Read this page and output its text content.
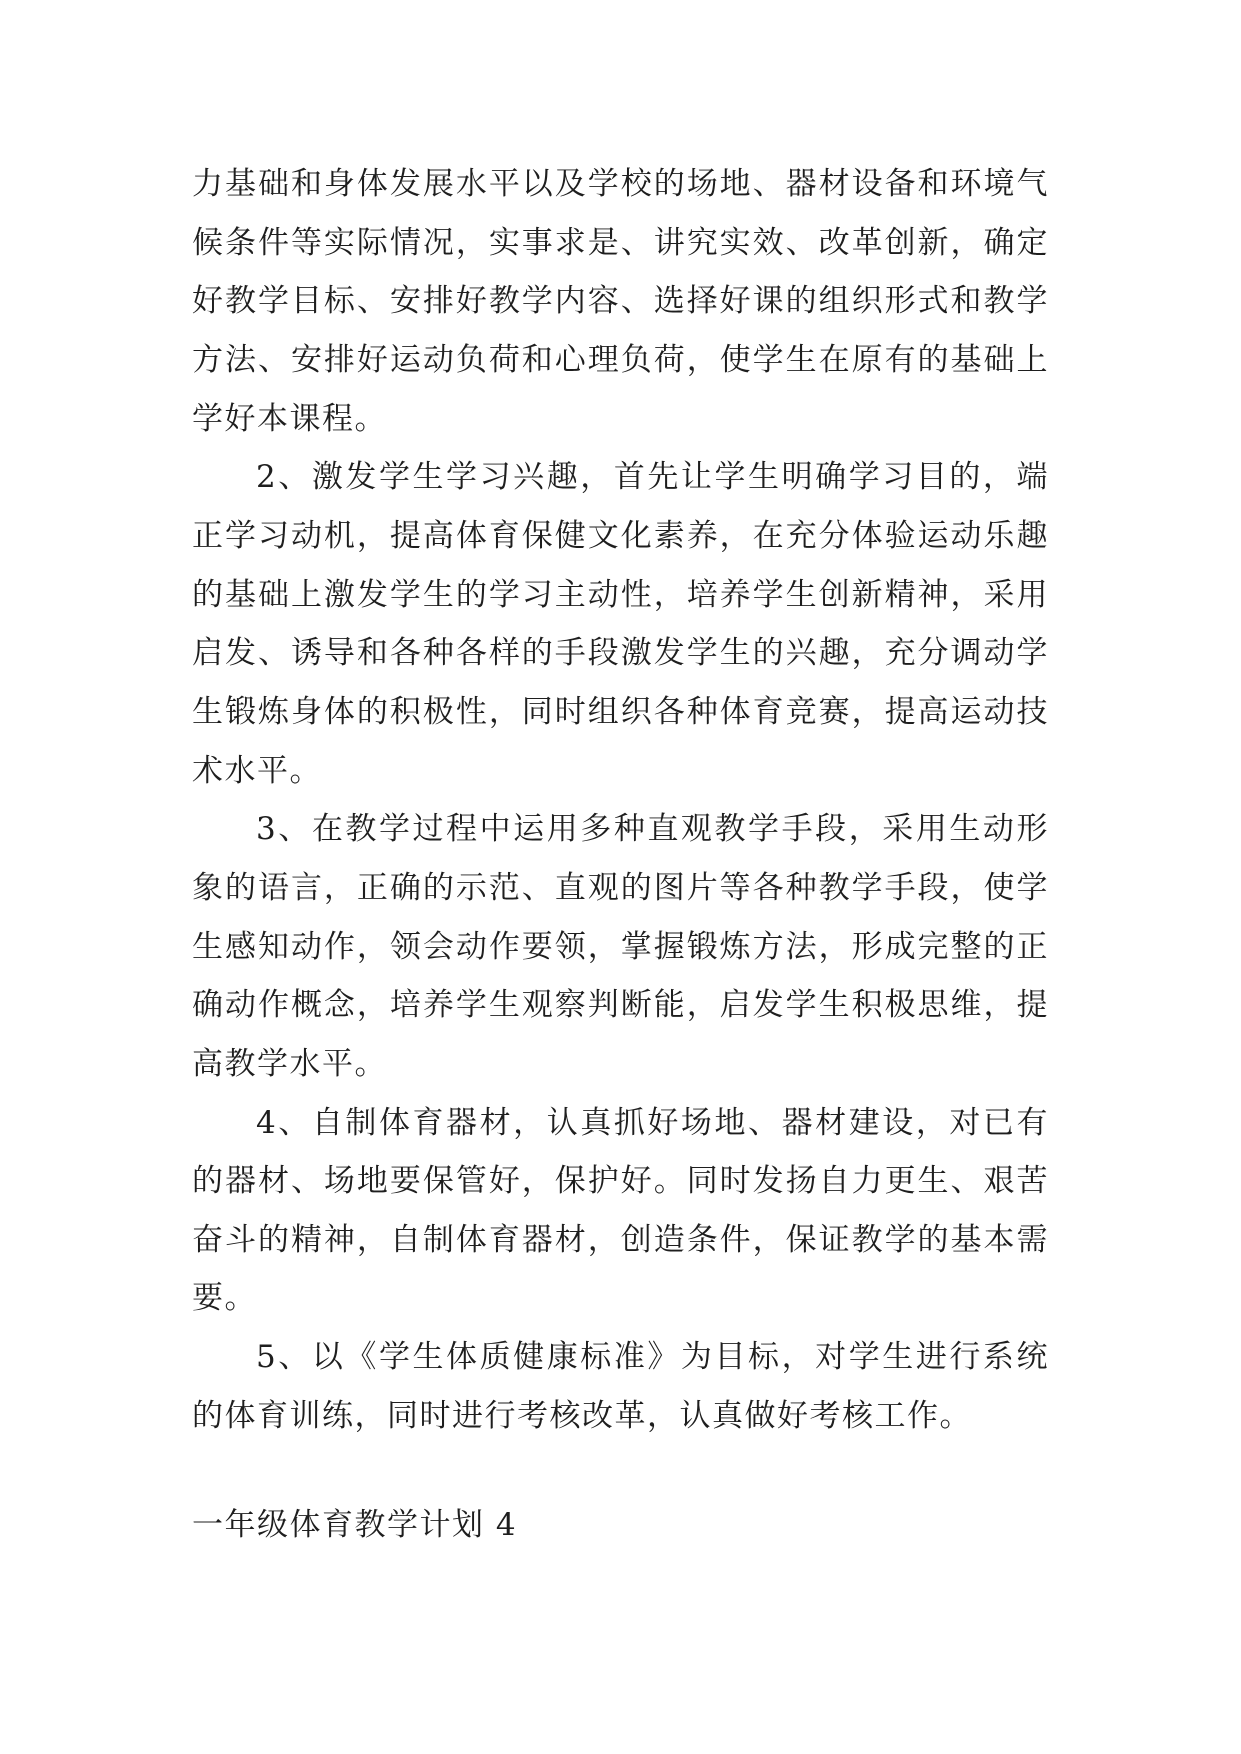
力基础和身体发展水平以及学校的场地、器材设备和环境气
候条件等实际情况，实事求是、讲究实效、改革创新，确定
好教学目标、安排好教学内容、选择好课的组织形式和教学
方法、安排好运动负荷和心理负荷，使学生在原有的基础上
学好本课程。
2、激发学生学习兴趣，首先让学生明确学习目的，端
正学习动机，提高体育保健文化素养，在充分体验运动乐趣
的基础上激发学生的学习主动性，培养学生创新精神，采用
启发、诱导和各种各样的手段激发学生的兴趣，充分调动学
生锻炼身体的积极性，同时组织各种体育竞赛，提高运动技
术水平。
3、在教学过程中运用多种直观教学手段，采用生动形
象的语言，正确的示范、直观的图片等各种教学手段，使学
生感知动作，领会动作要领，掌握锻炼方法，形成完整的正
确动作概念，培养学生观察判断能，启发学生积极思维，提
高教学水平。
4、自制体育器材，认真抓好场地、器材建设，对已有
的器材、场地要保管好，保护好。同时发扬自力更生、艰苦
奋斗的精神，自制体育器材，创造条件，保证教学的基本需
要。
5、以《学生体质健康标准》为目标，对学生进行系统
的体育训练，同时进行考核改革，认真做好考核工作。
一年级体育教学计划 4
